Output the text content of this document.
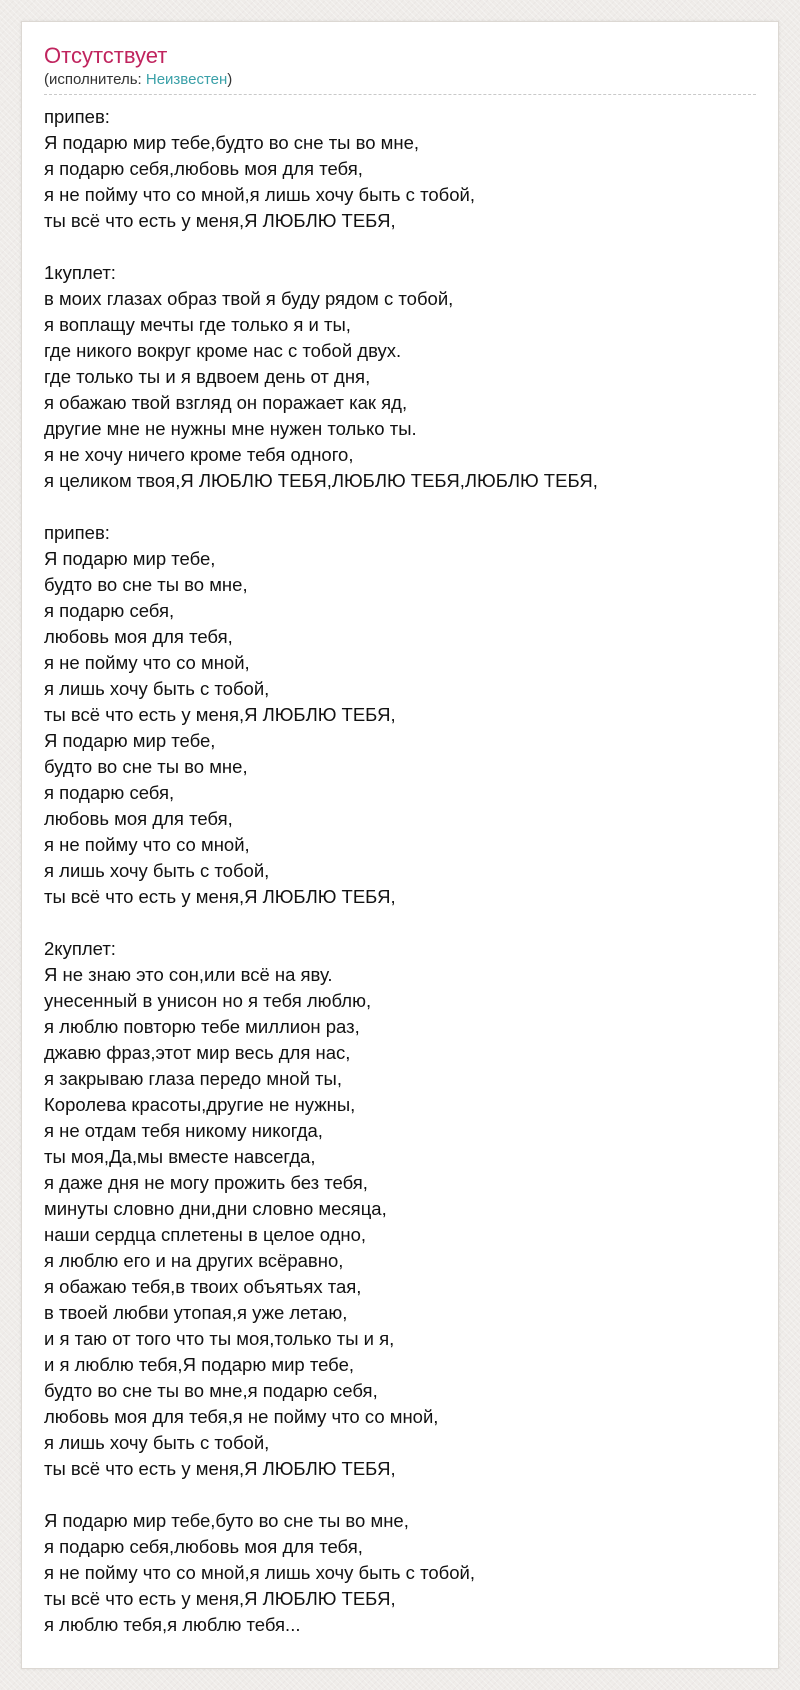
Отсутствует
(исполнитель: Неизвестен)
припев:
Я подарю мир тебе,будто во сне ты во мне,
я подарю себя,любовь моя для тебя,
я не пойму что со мной,я лишь хочу быть с тобой,
ты всё что есть у меня,Я ЛЮБЛЮ ТЕБЯ,

1куплет:
в моих глазах образ твой я буду рядом с тобой,
я воплащу мечты где только я и ты,
где никого вокруг кроме нас с тобой двух.
где только ты и я вдвоем день от дня,
я обажаю твой взгляд он поражает как яд,
другие мне не нужны мне нужен только ты.
я не хочу ничего кроме тебя одного,
я целиком твоя,Я ЛЮБЛЮ ТЕБЯ,ЛЮБЛЮ ТЕБЯ,ЛЮБЛЮ ТЕБЯ,

припев:
Я подарю мир тебе,
будто во сне ты во мне,
я подарю себя,
любовь моя для тебя,
я не пойму что со мной,
я лишь хочу быть с тобой,
ты всё что есть у меня,Я ЛЮБЛЮ ТЕБЯ,
Я подарю мир тебе,
будто во сне ты во мне,
я подарю себя,
любовь моя для тебя,
я не пойму что со мной,
я лишь хочу быть с тобой,
ты всё что есть у меня,Я ЛЮБЛЮ ТЕБЯ,

2куплет:
Я не знаю это сон,или всё на яву.
унесенный в унисон но я тебя люблю,
я люблю повторю тебе миллион раз,
джавю фраз,этот мир весь для нас,
я закрываю глаза передо мной ты,
Королева красоты,другие не нужны,
я не отдам тебя никому никогда,
ты моя,Да,мы вместе навсегда,
я даже дня не могу прожить без тебя,
минуты словно дни,дни словно месяца,
наши сердца сплетены в целое одно,
я люблю его и на других всёравно,
я обажаю тебя,в твоих объятьях тая,
в твоей любви утопая,я уже летаю,
и я таю от того что ты моя,только ты и я,
и я люблю тебя,Я подарю мир тебе,
будто во сне ты во мне,я подарю себя,
любовь моя для тебя,я не пойму что со мной,
я лишь хочу быть с тобой,
ты всё что есть у меня,Я ЛЮБЛЮ ТЕБЯ,

Я подарю мир тебе,буто во сне ты во мне,
я подарю себя,любовь моя для тебя,
я не пойму что со мной,я лишь хочу быть с тобой,
ты всё что есть у меня,Я ЛЮБЛЮ ТЕБЯ,
я люблю тебя,я люблю тебя...
